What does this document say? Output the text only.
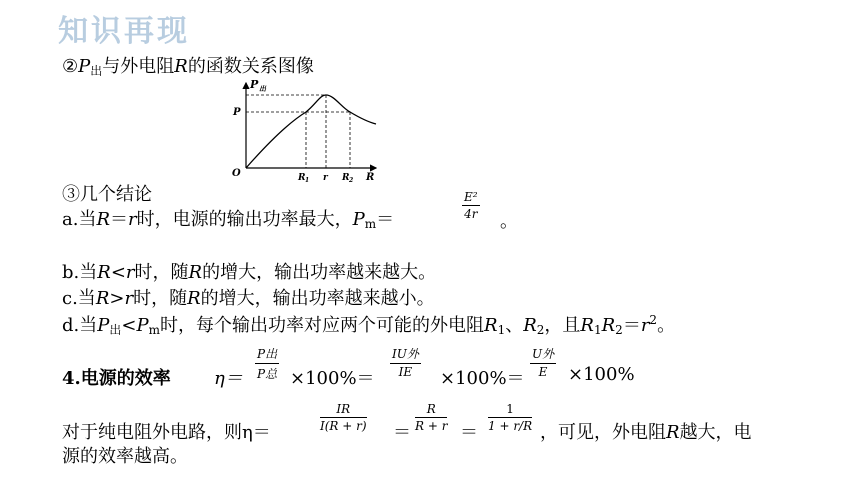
知识再现
$②P_出$与外电阻R的函数关系图像
P 出
P
O	R 1 r R 2 R
③几个结论
a.当R＝r时，电源的输出功率最大，$P_m=$	$\frac{\text{E²}}{4r}$
。
b.当R<r时，随R的增大，输出功率越来越大。
c.当R>r时，随R的增大，输出功率越来越小。
d.当$P_出<P_m$时，每个输出功率对应两个可能的外电阻$R_1$、$R_2$，且$R_1R_2=r^2$。
4.电源的效率 η＝
P出
P总 ×100%＝
IU外
IE	×100%＝
U外
E	×100%
对于纯电阻外电路，则η＝	$\frac{IR}{I(R + r)} = \frac{R}{R + r} = \frac{1}{1 + r/R}$ ，可见，外电阻R越大，电
源的效率越高。
